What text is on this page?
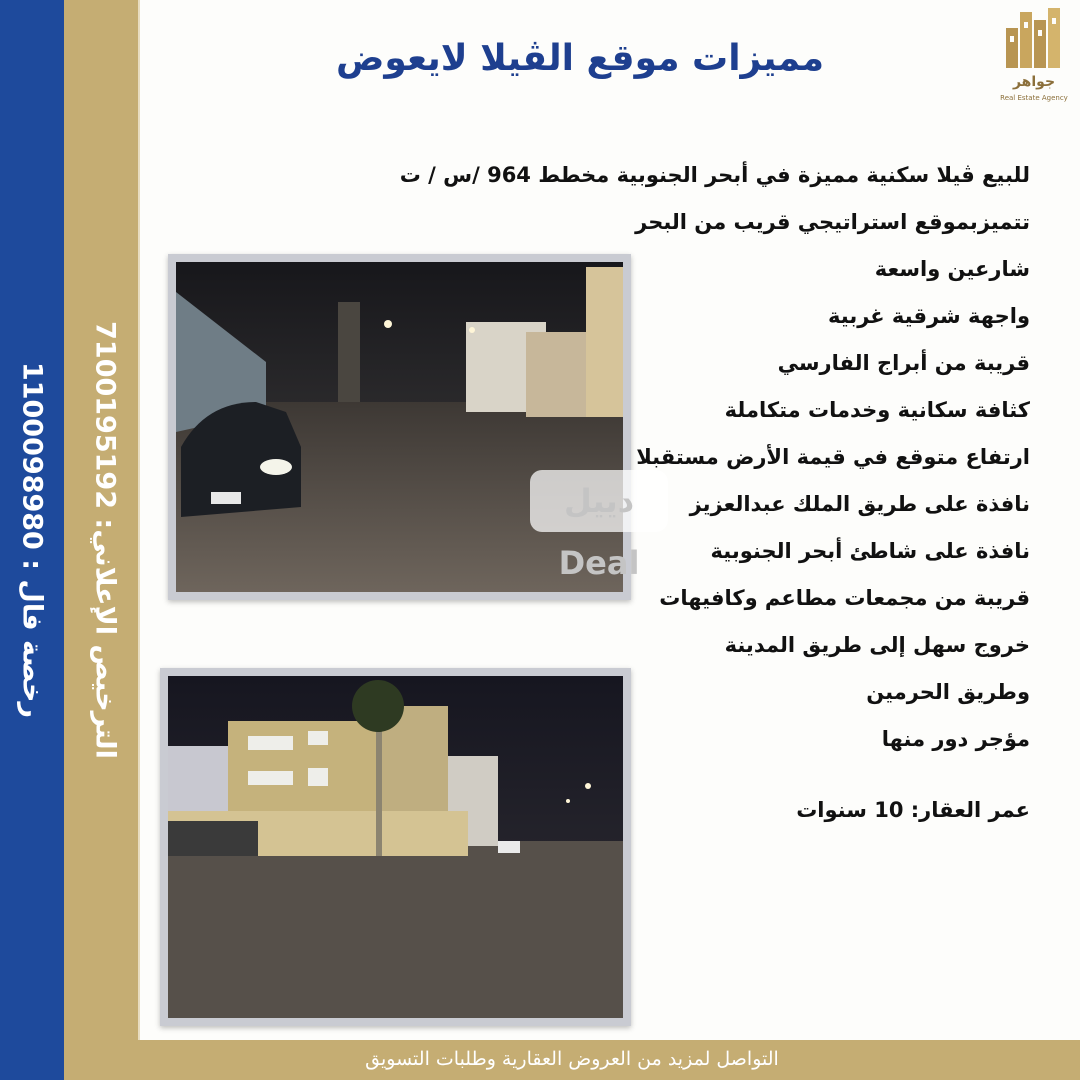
رخصة فال : 1100098980
الترخيص الإعلاني: 7100195192
مميزات موقع الڤيلا لايعوض
جواهر
Real Estate Agency
للبيع ڤيلا سكنية مميزة في أبحر الجنوبية مخطط 964 /س / ت
تتميزبموقع استراتيجي قريب من البحر
شارعين واسعة
واجهة شرقية غربية
قريبة من أبراج الفارسي
كثافة سكانية وخدمات متكاملة
ارتفاع متوقع في قيمة الأرض مستقبلا
نافذة على طريق الملك عبدالعزيز
نافذة على شاطئ أبحر الجنوبية
قريبة من مجمعات مطاعم وكافيهات
خروج سهل إلى طريق المدينة
وطريق الحرمين
مؤجر دور منها
عمر العقار: 10 سنوات
دييل Deal
التواصل لمزيد من العروض العقارية وطلبات التسويق
